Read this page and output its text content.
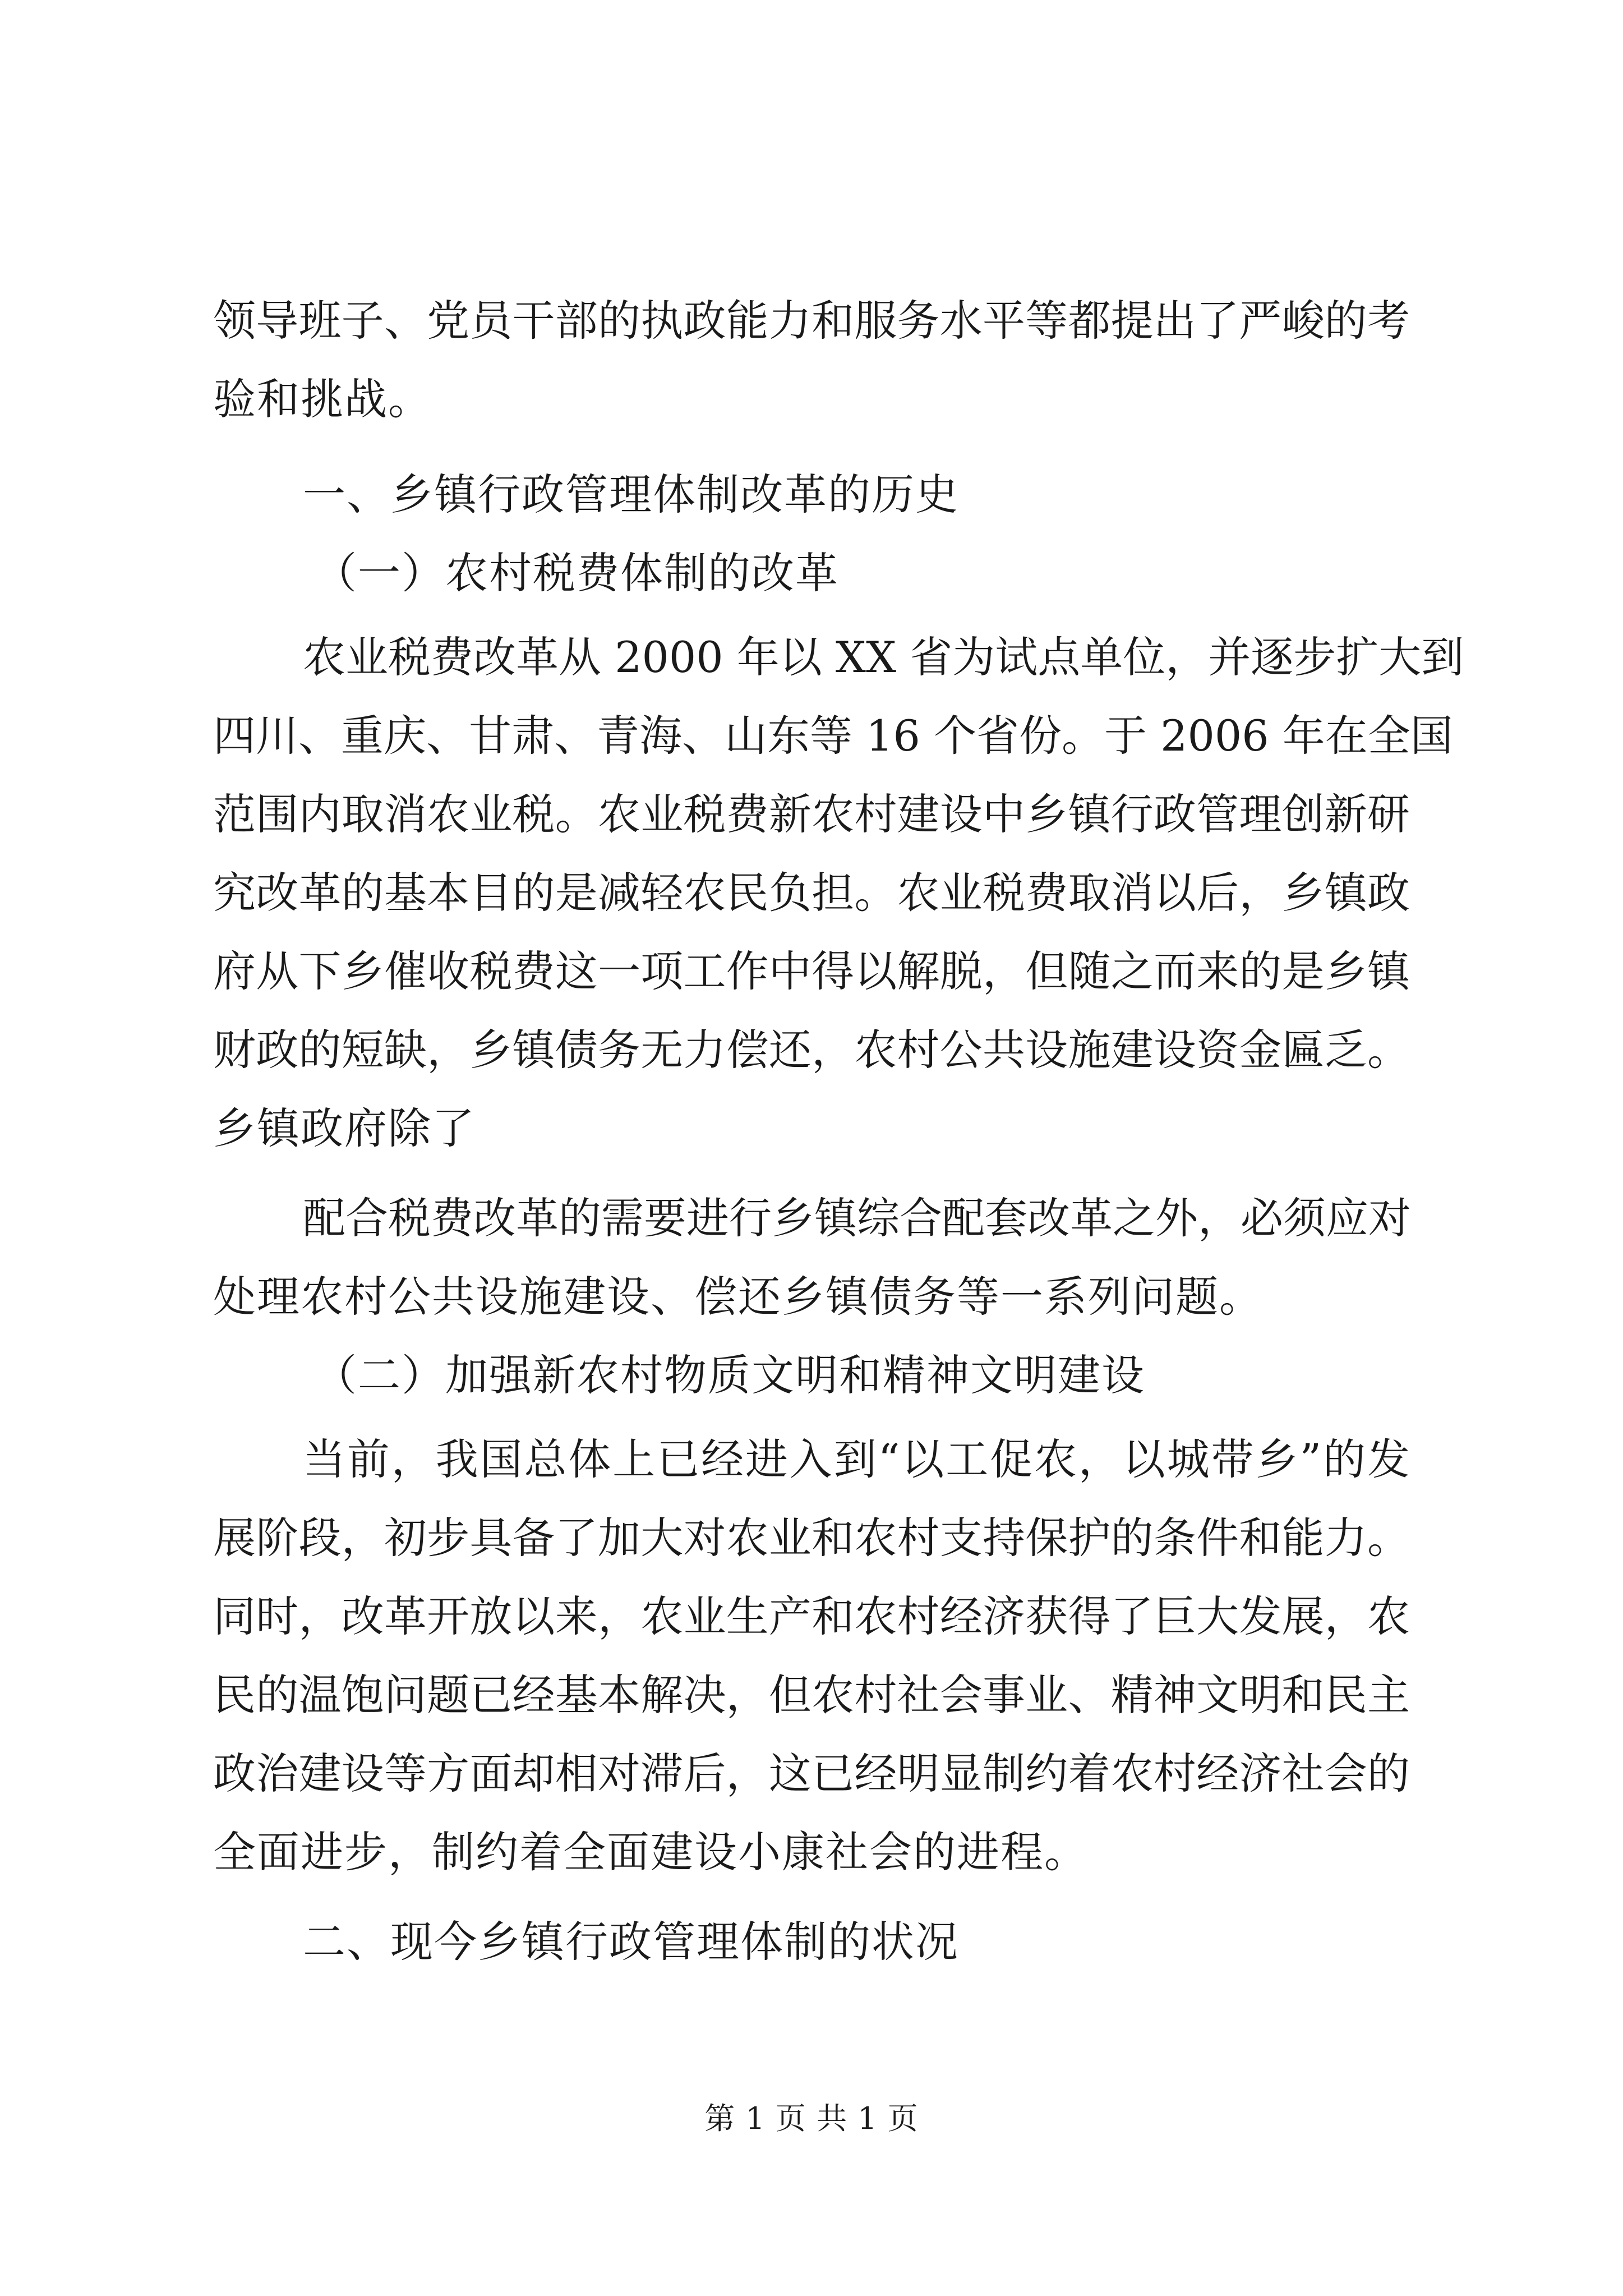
领导班子、党员干部的执政能力和服务水平等都提出了严峻的考
验和挑战。
一、乡镇行政管理体制改革的历史
（一）农村税费体制的改革
农业税费改革从 2000 年以 XX 省为试点单位，并逐步扩大到
四川、重庆、甘肃、青海、山东等 16 个省份。于 2006 年在全国
范围内取消农业税。农业税费新农村建设中乡镇行政管理创新研
究改革的基本目的是减轻农民负担。农业税费取消以后，乡镇政
府从下乡催收税费这一项工作中得以解脱，但随之而来的是乡镇
财政的短缺，乡镇债务无力偿还，农村公共设施建设资金匾乏。
乡镇政府除了
配合税费改革的需要进行乡镇综合配套改革之外，必须应对
处理农村公共设施建设、偿还乡镇债务等一系列问题。
（二）加强新农村物质文明和精神文明建设
当前，我国总体上已经进入到“以工促农，以城带乡”的发
展阶段，初步具备了加大对农业和农村支持保护的条件和能力。
同时，改革开放以来，农业生产和农村经济获得了巨大发展，农
民的温饱问题已经基本解决，但农村社会事业、精神文明和民主
政治建设等方面却相对滞后，这已经明显制约着农村经济社会的
全面进步，制约着全面建设小康社会的进程。
二、现今乡镇行政管理体制的状况
第 1 页 共 1 页
